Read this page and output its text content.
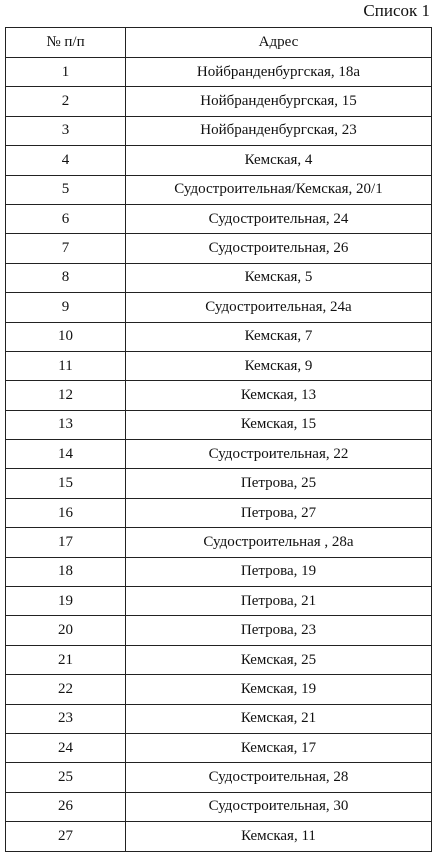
Список 1
№ п/п	Адрес
1	Нойбранденбургская, 18а
2	Нойбранденбургская, 15
3	Нойбранденбургская, 23
4	Кемская, 4
5	Судостроительная/Кемская, 20/1
6	Судостроительная, 24
7	Судостроительная, 26
8	Кемская, 5
9	Судостроительная, 24а
10	Кемская, 7
11	Кемская, 9
12	Кемская, 13
13	Кемская, 15
14	Судостроительная, 22
15	Петрова, 25
16	Петрова, 27
17	Судостроительная , 28а
18	Петрова, 19
19	Петрова, 21
20	Петрова, 23
21	Кемская, 25
22	Кемская, 19
23	Кемская, 21
24	Кемская, 17
25	Судостроительная, 28
26	Судостроительная, 30
27	Кемская, 11
